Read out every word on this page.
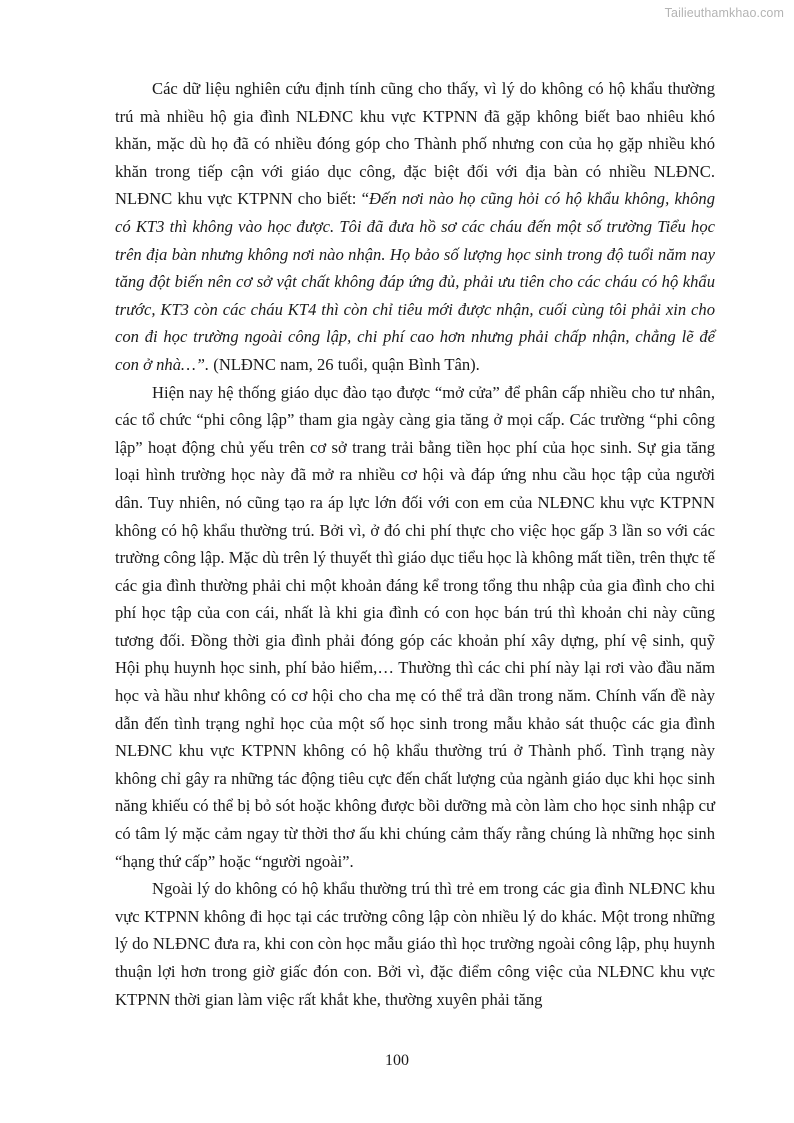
Tailieuthamkhao.com

Các dữ liệu nghiên cứu định tính cũng cho thấy, vì lý do không có hộ khẩu thường trú mà nhiều hộ gia đình NLĐNC khu vực KTPNN đã gặp không biết bao nhiêu khó khăn, mặc dù họ đã có nhiều đóng góp cho Thành phố nhưng con của họ gặp nhiều khó khăn trong tiếp cận với giáo dục công, đặc biệt đối với địa bàn có nhiều NLĐNC. NLĐNC khu vực KTPNN cho biết: “Đến nơi nào họ cũng hỏi có hộ khẩu không, không có KT3 thì không vào học được. Tôi đã đưa hồ sơ các cháu đến một số trường Tiểu học trên địa bàn nhưng không nơi nào nhận. Họ bảo số lượng học sinh trong độ tuổi năm nay tăng đột biến nên cơ sở vật chất không đáp ứng đủ, phải ưu tiên cho các cháu có hộ khẩu trước, KT3 còn các cháu KT4 thì còn chỉ tiêu mới được nhận, cuối cùng tôi phải xin cho con đi học trường ngoài công lập, chi phí cao hơn nhưng phải chấp nhận, chẳng lẽ để con ở nhà…”. (NLĐNC nam, 26 tuổi, quận Bình Tân).

Hiện nay hệ thống giáo dục đào tạo được “mở cửa” để phân cấp nhiều cho tư nhân, các tổ chức “phi công lập” tham gia ngày càng gia tăng ở mọi cấp. Các trường “phi công lập” hoạt động chủ yếu trên cơ sở trang trải bằng tiền học phí của học sinh. Sự gia tăng loại hình trường học này đã mở ra nhiều cơ hội và đáp ứng nhu cầu học tập của người dân. Tuy nhiên, nó cũng tạo ra áp lực lớn đối với con em của NLĐNC khu vực KTPNN không có hộ khẩu thường trú. Bởi vì, ở đó chi phí thực cho việc học gấp 3 lần so với các trường công lập. Mặc dù trên lý thuyết thì giáo dục tiểu học là không mất tiền, trên thực tế các gia đình thường phải chi một khoản đáng kể trong tổng thu nhập của gia đình cho chi phí học tập của con cái, nhất là khi gia đình có con học bán trú thì khoản chi này cũng tương đối. Đồng thời gia đình phải đóng góp các khoản phí xây dựng, phí vệ sinh, quỹ Hội phụ huynh học sinh, phí bảo hiểm,… Thường thì các chi phí này lại rơi vào đầu năm học và hầu như không có cơ hội cho cha mẹ có thể trả dần trong năm. Chính vấn đề này dẫn đến tình trạng nghỉ học của một số học sinh trong mẫu khảo sát thuộc các gia đình NLĐNC khu vực KTPNN không có hộ khẩu thường trú ở Thành phố. Tình trạng này không chỉ gây ra những tác động tiêu cực đến chất lượng của ngành giáo dục khi học sinh năng khiếu có thể bị bỏ sót hoặc không được bồi dưỡng mà còn làm cho học sinh nhập cư có tâm lý mặc cảm ngay từ thời thơ ấu khi chúng cảm thấy rằng chúng là những học sinh “hạng thứ cấp” hoặc “người ngoài”.

Ngoài lý do không có hộ khẩu thường trú thì trẻ em trong các gia đình NLĐNC khu vực KTPNN không đi học tại các trường công lập còn nhiều lý do khác. Một trong những lý do NLĐNC đưa ra, khi con còn học mẫu giáo thì học trường ngoài công lập, phụ huynh thuận lợi hơn trong giờ giấc đón con. Bởi vì, đặc điểm công việc của NLĐNC khu vực KTPNN thời gian làm việc rất khắt khe, thường xuyên phải tăng

100
